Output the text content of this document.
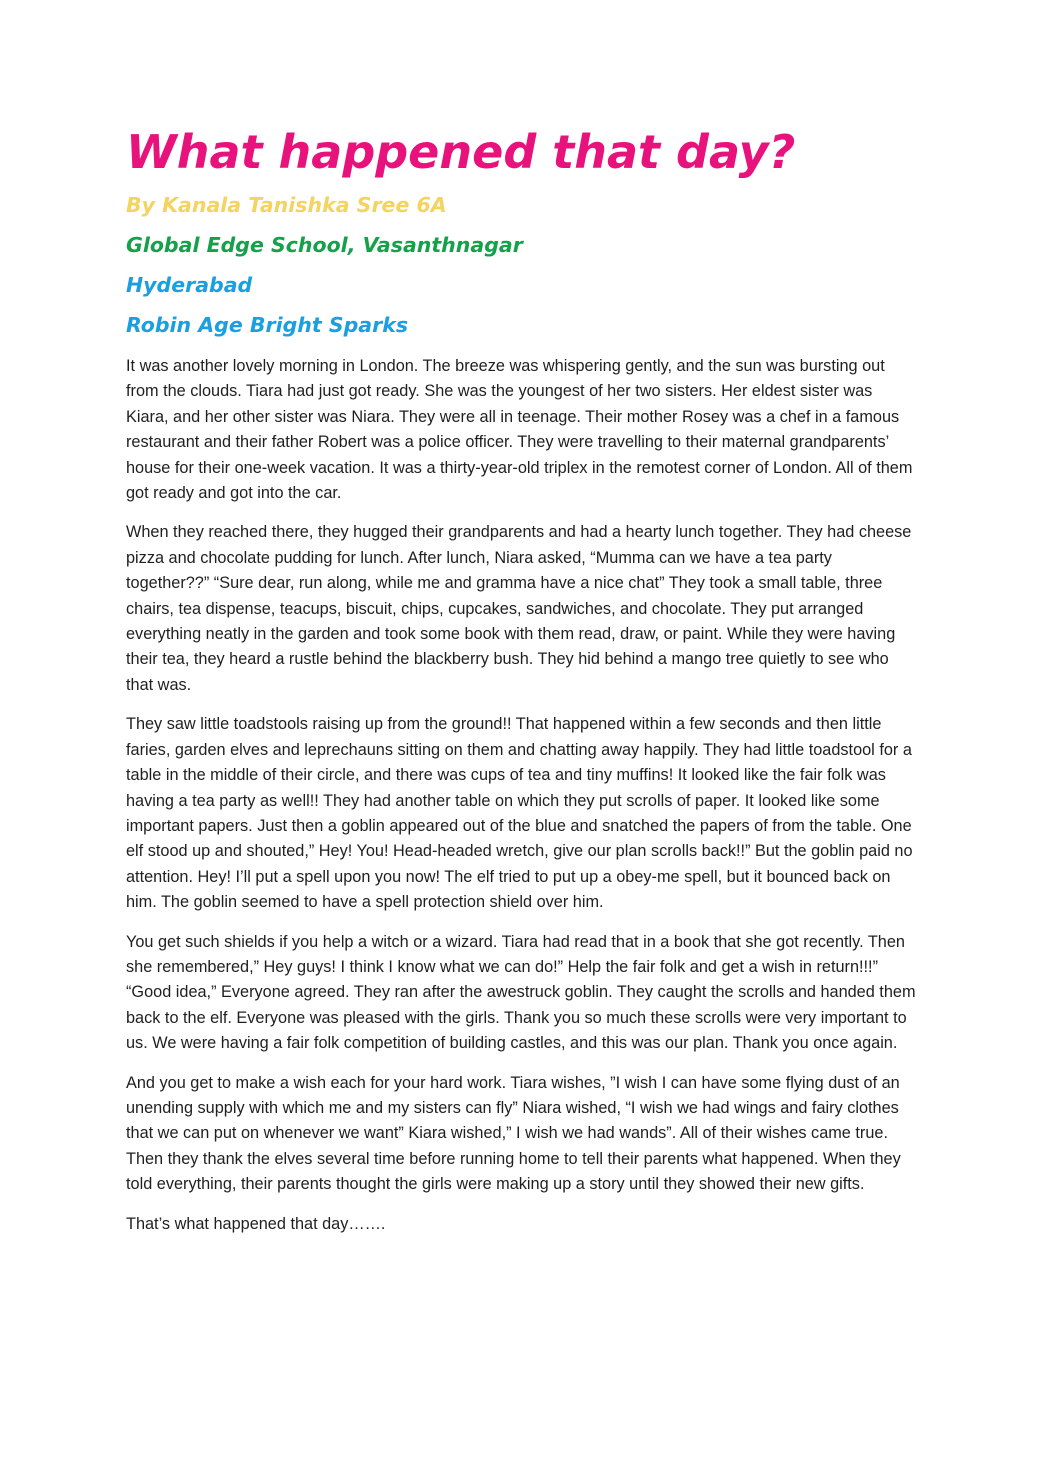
What happened that day?
By Kanala Tanishka Sree 6A
Global Edge School, Vasanthnagar
Hyderabad
Robin Age Bright Sparks

It was another lovely morning in London. The breeze was whispering gently, and the sun was bursting out from the clouds. Tiara had just got ready. She was the youngest of her two sisters. Her eldest sister was Kiara, and her other sister was Niara. They were all in teenage. Their mother Rosey was a chef in a famous restaurant and their father Robert was a police officer. They were travelling to their maternal grandparents’ house for their one-week vacation. It was a thirty-year-old triplex in the remotest corner of London. All of them got ready and got into the car.

When they reached there, they hugged their grandparents and had a hearty lunch together. They had cheese pizza and chocolate pudding for lunch. After lunch, Niara asked, “Mumma can we have a tea party together??” “Sure dear, run along, while me and gramma have a nice chat” They took a small table, three chairs, tea dispense, teacups, biscuit, chips, cupcakes, sandwiches, and chocolate. They put arranged everything neatly in the garden and took some book with them read, draw, or paint. While they were having their tea, they heard a rustle behind the blackberry bush. They hid behind a mango tree quietly to see who that was.

They saw little toadstools raising up from the ground!! That happened within a few seconds and then little faries, garden elves and leprechauns sitting on them and chatting away happily. They had little toadstool for a table in the middle of their circle, and there was cups of tea and tiny muffins! It looked like the fair folk was having a tea party as well!! They had another table on which they put scrolls of paper. It looked like some important papers. Just then a goblin appeared out of the blue and snatched the papers of from the table. One elf stood up and shouted,” Hey! You! Head-headed wretch, give our plan scrolls back!!” But the goblin paid no attention. Hey! I’ll put a spell upon you now! The elf tried to put up a obey-me spell, but it bounced back on him. The goblin seemed to have a spell protection shield over him.

You get such shields if you help a witch or a wizard. Tiara had read that in a book that she got recently. Then she remembered,” Hey guys! I think I know what we can do!” Help the fair folk and get a wish in return!!!” “Good idea,” Everyone agreed. They ran after the awestruck goblin. They caught the scrolls and handed them back to the elf. Everyone was pleased with the girls. Thank you so much these scrolls were very important to us. We were having a fair folk competition of building castles, and this was our plan. Thank you once again.

And you get to make a wish each for your hard work. Tiara wishes, ”I wish I can have some flying dust of an unending supply with which me and my sisters can fly” Niara wished, “I wish we had wings and fairy clothes that we can put on whenever we want” Kiara wished,” I wish we had wands”. All of their wishes came true. Then they thank the elves several time before running home to tell their parents what happened. When they told everything, their parents thought the girls were making up a story until they showed their new gifts.

That’s what happened that day…….
